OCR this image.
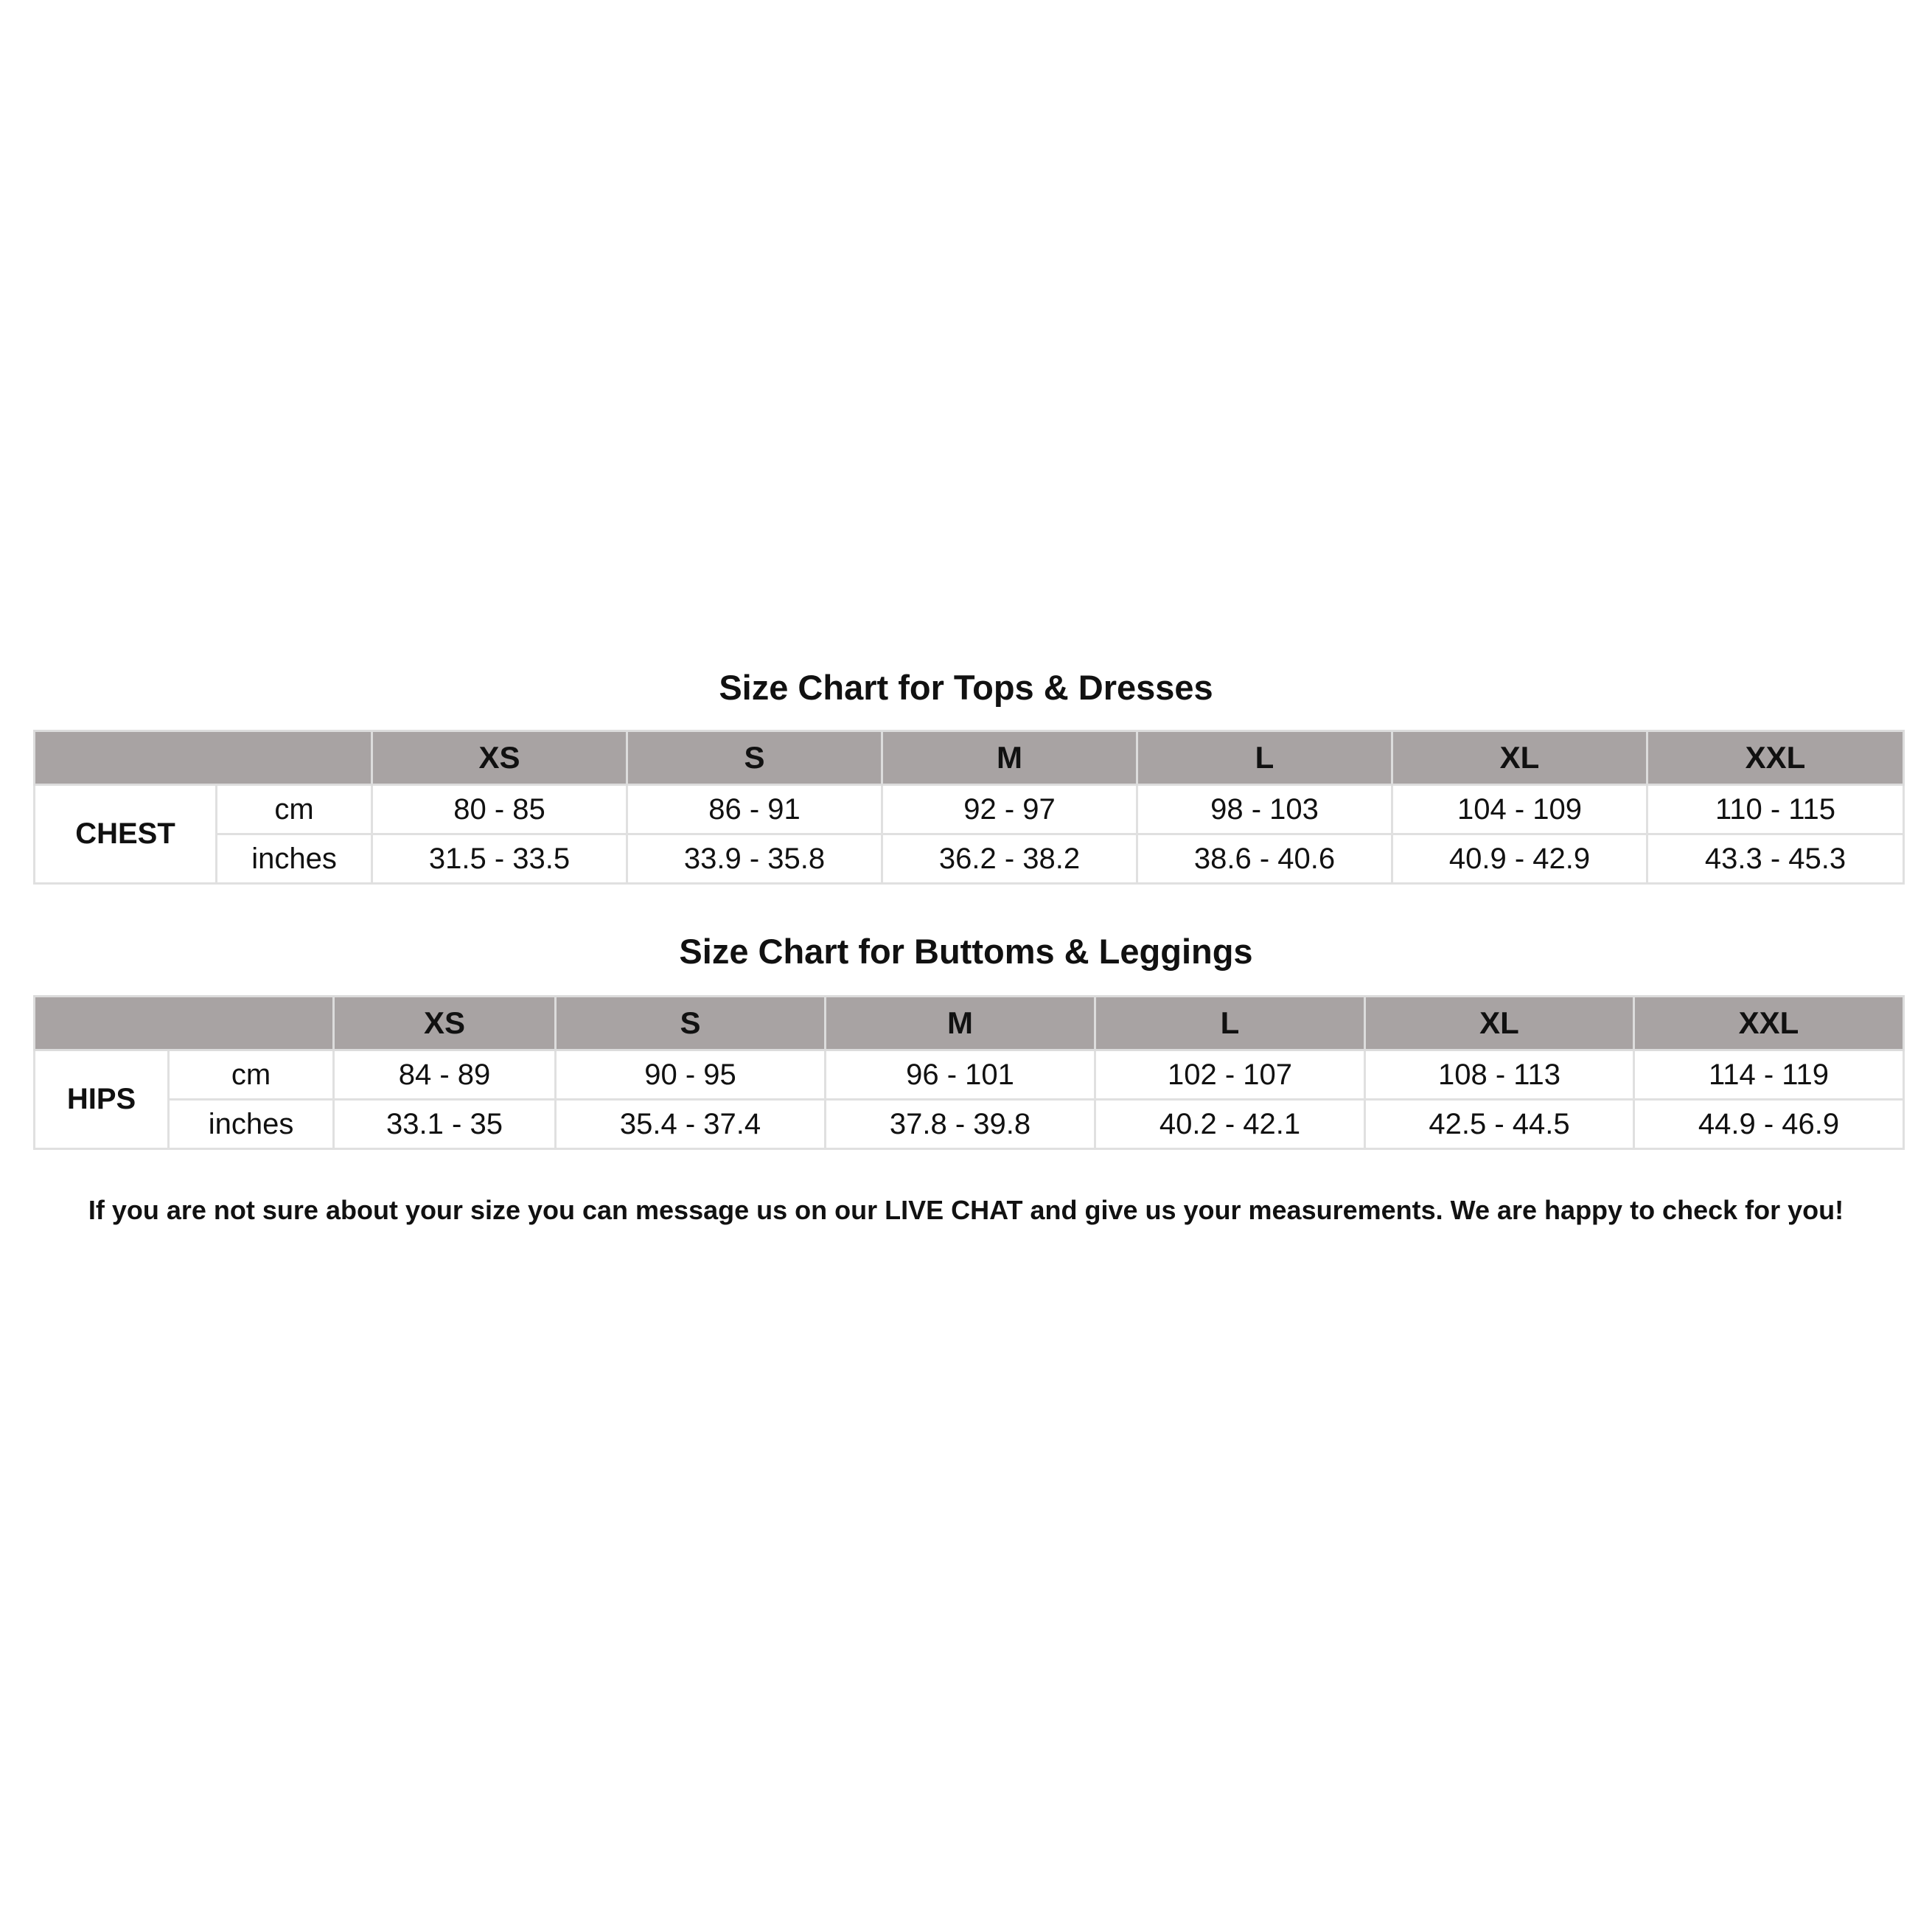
Size Chart for Tops & Dresses
		XS	S	M	L	XL	XXL
CHEST	cm	80 - 85	86 - 91	92 - 97	98 - 103	104 - 109	110 - 115
	inches	31.5 - 33.5	33.9 - 35.8	36.2 - 38.2	38.6 - 40.6	40.9 - 42.9	43.3 - 45.3
Size Chart for Buttoms & Leggings
		XS	S	M	L	XL	XXL
HIPS	cm	84 - 89	90 - 95	96 - 101	102 - 107	108 - 113	114 - 119
	inches	33.1 - 35	35.4 - 37.4	37.8 - 39.8	40.2 - 42.1	42.5 - 44.5	44.9 - 46.9

If you are not sure about your size you can message us on our LIVE CHAT and give us your measurements. We are happy to check for you!
